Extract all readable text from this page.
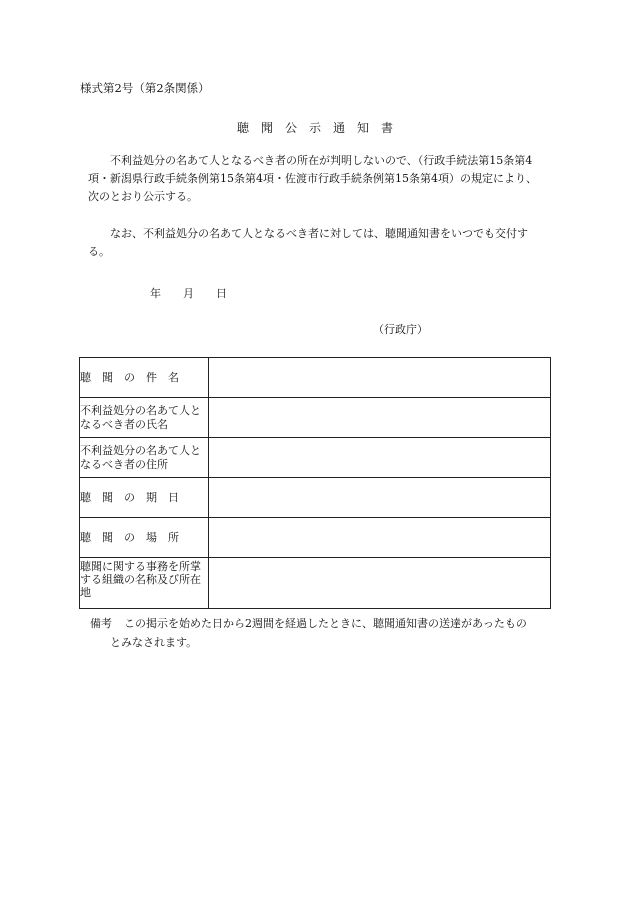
様式第2号（第2条関係）
聴　聞　公　示　通　知　書
　　不利益処分の名あて人となるべき者の所在が判明しないので、（行政手続法第15条第4
項・新潟県行政手続条例第15条第4項・佐渡市行政手続条例第15条第4項）の規定により、
次のとおり公示する。
　　なお、不利益処分の名あて人となるべき者に対しては、聴聞通知書をいつでも交付す
る。
年　　月　　日
（行政庁）
聴　聞　の　件　名	
不利益処分の名あて人と
なるべき者の氏名	
不利益処分の名あて人と
なるべき者の住所	
聴　聞　の　期　日	
聴　聞　の　場　所	
聴聞に関する事務を所掌
する組織の名称及び所在
地	
備考 この掲示を始めた日から2週間を経過したときに、聴聞通知書の送達があったもの
とみなされます。
